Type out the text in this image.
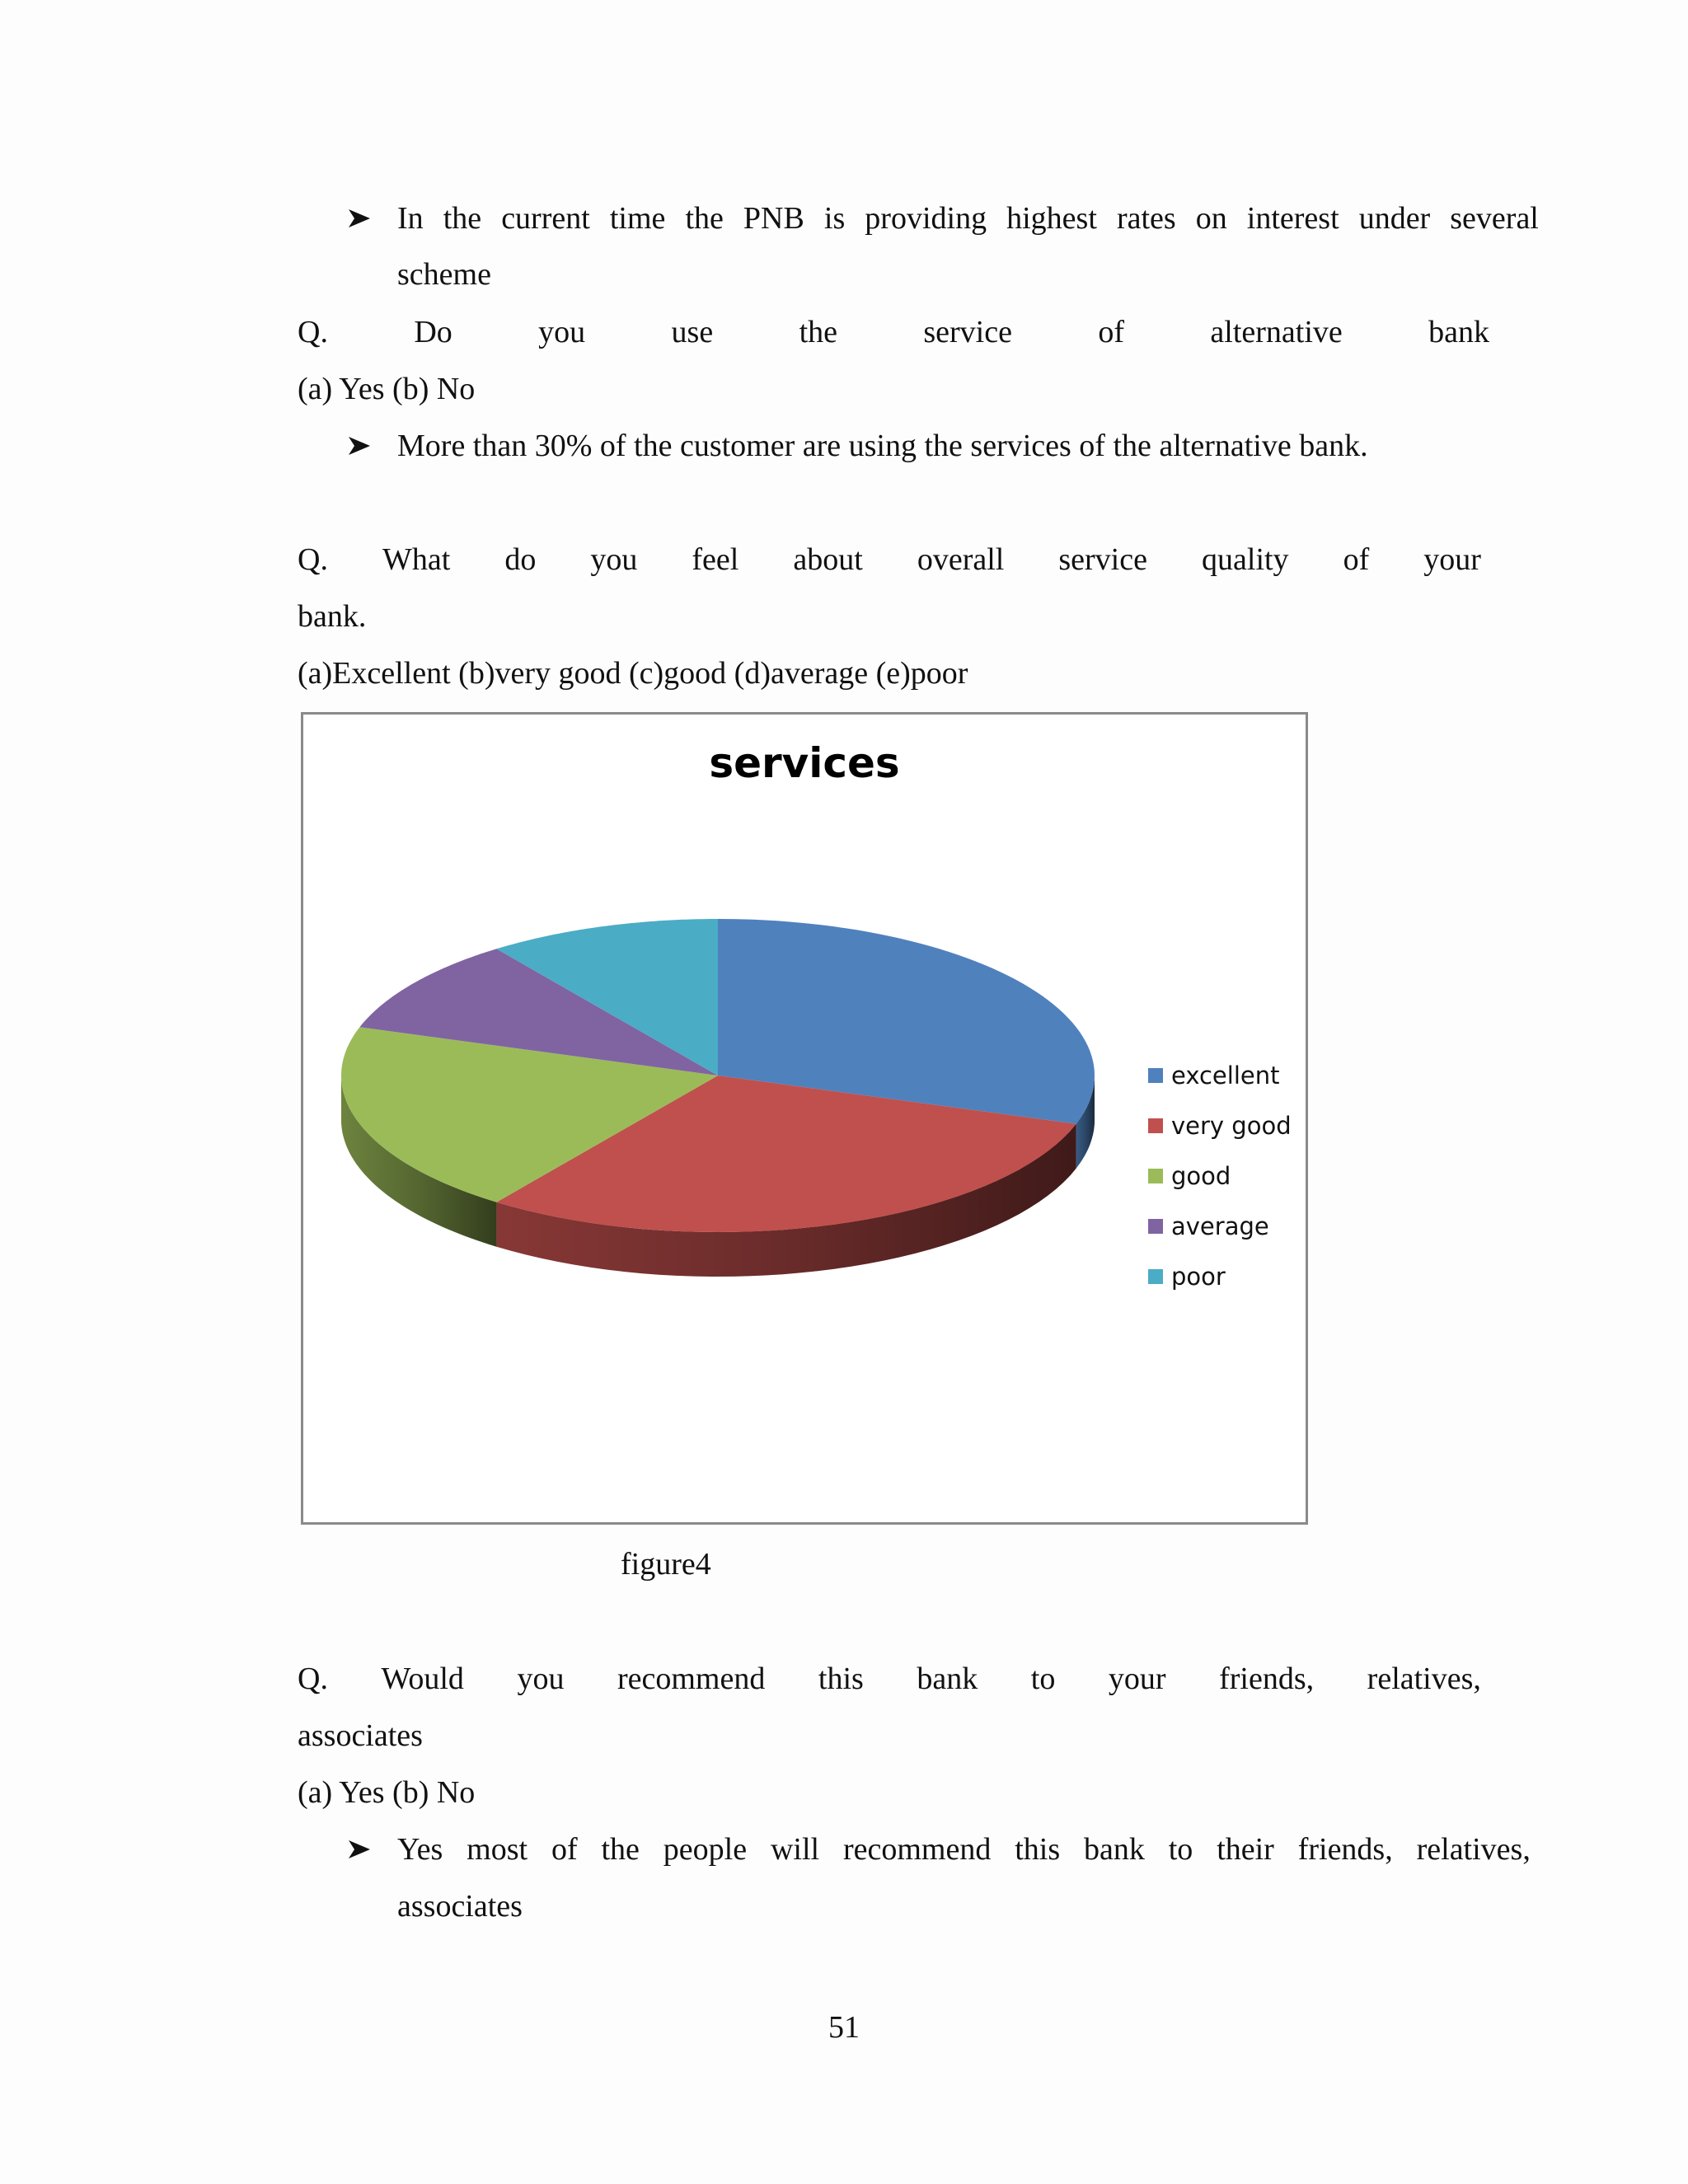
In the current time the PNB is providing highest rates on interest under several
scheme
Q.	Do	you	use	the	service	of	alternative	bank
(a) Yes (b) No
More than 30% of the customer are using the services of the alternative bank.
Q. What do you feel about overall service quality of your
bank.
(a)Excellent (b)very good (c)good (d)average (e)poor
services
excellent
very good
good
average
poor
figure4
Q. Would you recommend this bank to your friends, relatives,
associates
(a) Yes (b) No
Yes most of the people will recommend this bank to their friends, relatives,
associates
51
